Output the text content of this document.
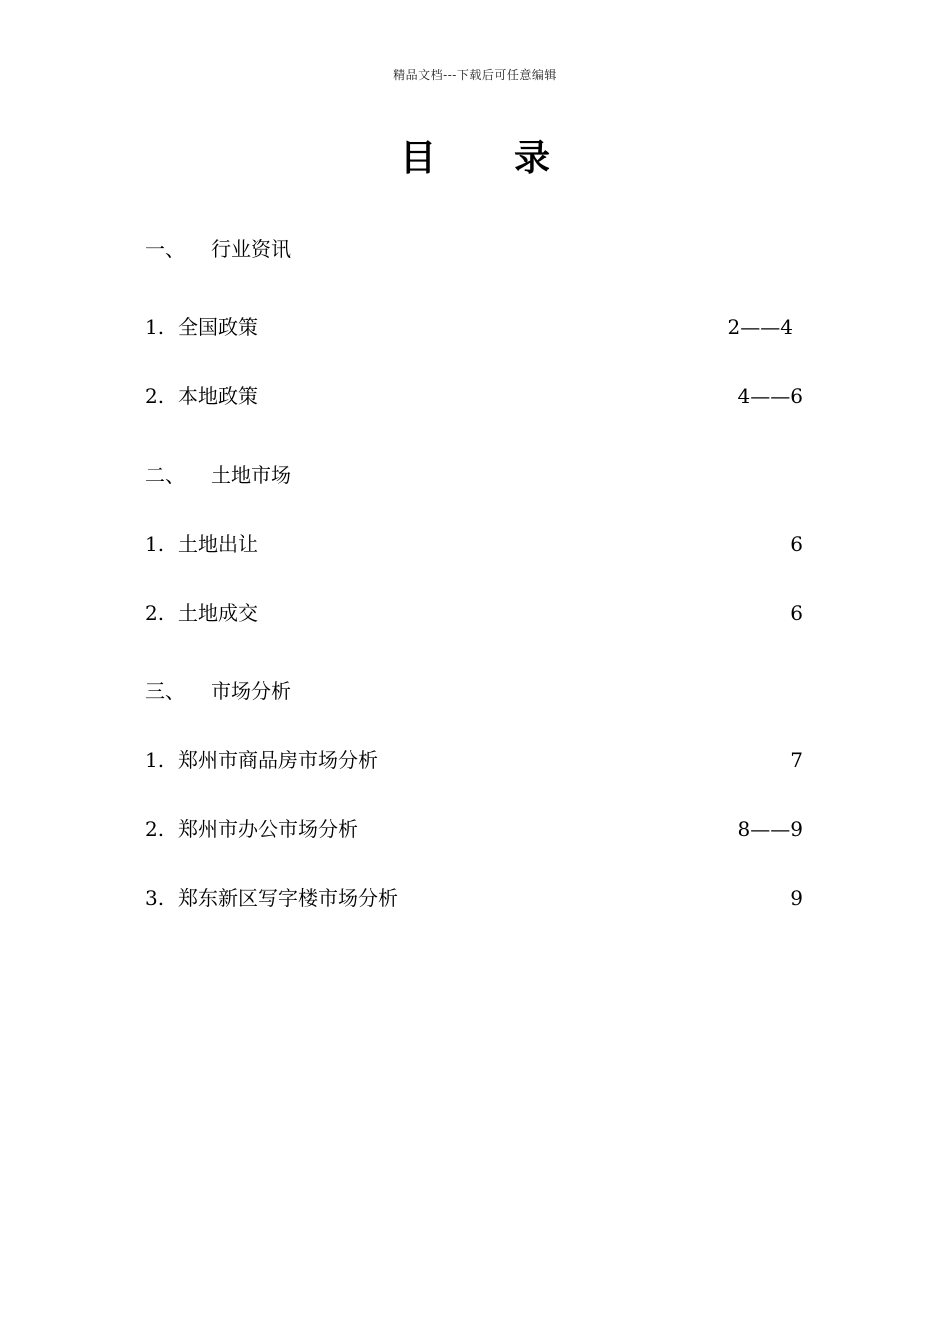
精品文档---下载后可任意编辑
目 录
一、 行业资讯
1. 全国政策	2——4
2. 本地政策	4——6
二、 土地市场
1. 土地出让	6
2. 土地成交	6
三、 市场分析
1. 郑州市商品房市场分析	7
2. 郑州市办公市场分析	8——9
3. 郑东新区写字楼市场分析	9
